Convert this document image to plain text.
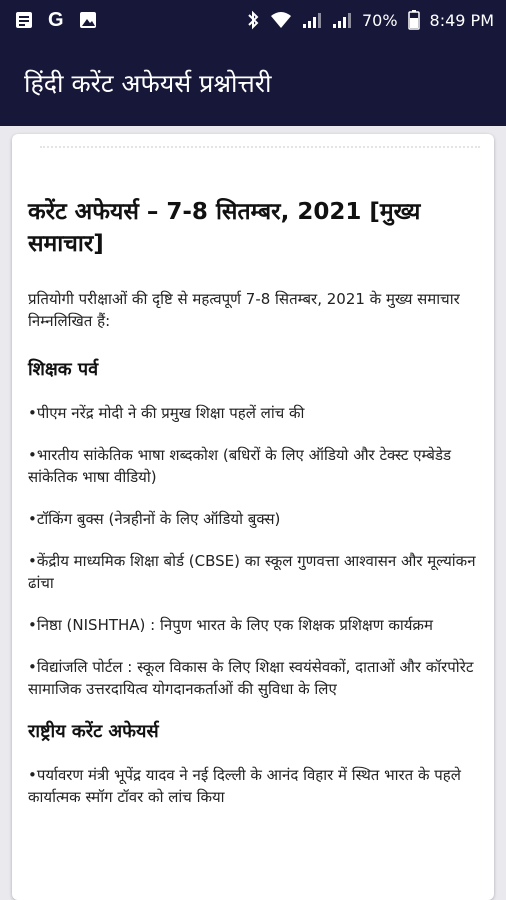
G	70% 8:49 PM
हिंदी करेंट अफेयर्स प्रश्नोत्तरी
करेंट अफेयर्स – 7-8 सितम्बर, 2021 [मुख्य समाचार]

प्रतियोगी परीक्षाओं की दृष्टि से महत्वपूर्ण 7-8 सितम्बर, 2021 के मुख्य समाचार निम्नलिखित हैं:

शिक्षक पर्व

•पीएम नरेंद्र मोदी ने की प्रमुख शिक्षा पहलें लांच की

•भारतीय सांकेतिक भाषा शब्दकोश (बधिरों के लिए ऑडियो और टेक्स्ट एम्बेडेड सांकेतिक भाषा वीडियो)

•टॉकिंग बुक्स (नेत्रहीनों के लिए ऑडियो बुक्स)

•केंद्रीय माध्यमिक शिक्षा बोर्ड (CBSE) का स्कूल गुणवत्ता आश्वासन और मूल्यांकन ढांचा

•निष्ठा (NISHTHA) : निपुण भारत के लिए एक शिक्षक प्रशिक्षण कार्यक्रम

•विद्यांजलि पोर्टल : स्कूल विकास के लिए शिक्षा स्वयंसेवकों, दाताओं और कॉरपोरेट सामाजिक उत्तरदायित्व योगदानकर्ताओं की सुविधा के लिए

राष्ट्रीय करेंट अफेयर्स

•पर्यावरण मंत्री भूपेंद्र यादव ने नई दिल्ली के आनंद विहार में स्थित भारत के पहले कार्यात्मक स्मॉग टॉवर को लांच किया
